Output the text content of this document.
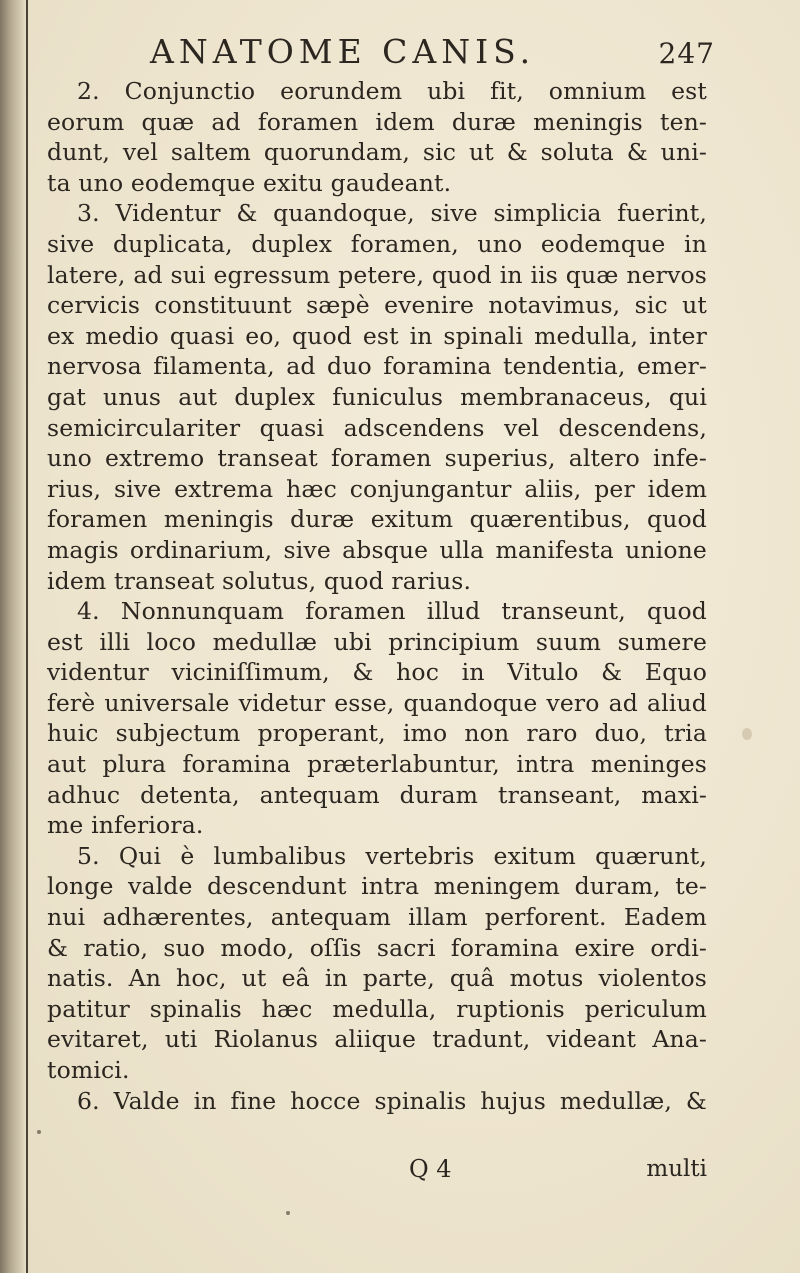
ANATOME CANIS.	247
2. Conjunctio eorundem ubi fit, omnium est
eorum quæ ad foramen idem duræ meningis ten-
dunt, vel saltem quorundam, sic ut & soluta & uni-
ta uno eodemque exitu gaudeant.
3. Videntur & quandoque, sive simplicia fuerint,
sive duplicata, duplex foramen, uno eodemque in
latere, ad sui egressum petere, quod in iis quæ nervos
cervicis constituunt sæpè evenire notavimus, sic ut
ex medio quasi eo, quod est in spinali medulla, inter
nervosa filamenta, ad duo foramina tendentia, emer-
gat unus aut duplex funiculus membranaceus, qui
semicirculariter quasi adscendens vel descendens,
uno extremo transeat foramen superius, altero infe-
rius, sive extrema hæc conjungantur aliis, per idem
foramen meningis duræ exitum quærentibus, quod
magis ordinarium, sive absque ulla manifesta unione
idem transeat solutus, quod rarius.
4. Nonnunquam foramen illud transeunt, quod
est illi loco medullæ ubi principium suum sumere
videntur viciniſſimum, & hoc in Vitulo & Equo
ferè universale videtur esse, quandoque vero ad aliud
huic subjectum properant, imo non raro duo, tria
aut plura foramina præterlabuntur, intra meninges
adhuc detenta, antequam duram transeant, maxi-
me inferiora.
5. Qui è lumbalibus vertebris exitum quærunt,
longe valde descendunt intra meningem duram, te-
nui adhærentes, antequam illam perforent. Eadem
& ratio, suo modo, oſſis sacri foramina exire ordi-
natis. An hoc, ut eâ in parte, quâ motus violentos
patitur spinalis hæc medulla, ruptionis periculum
evitaret, uti Riolanus aliique tradunt, videant Ana-
tomici.
6. Valde in fine hocce spinalis hujus medullæ, &
Q 4	multi
